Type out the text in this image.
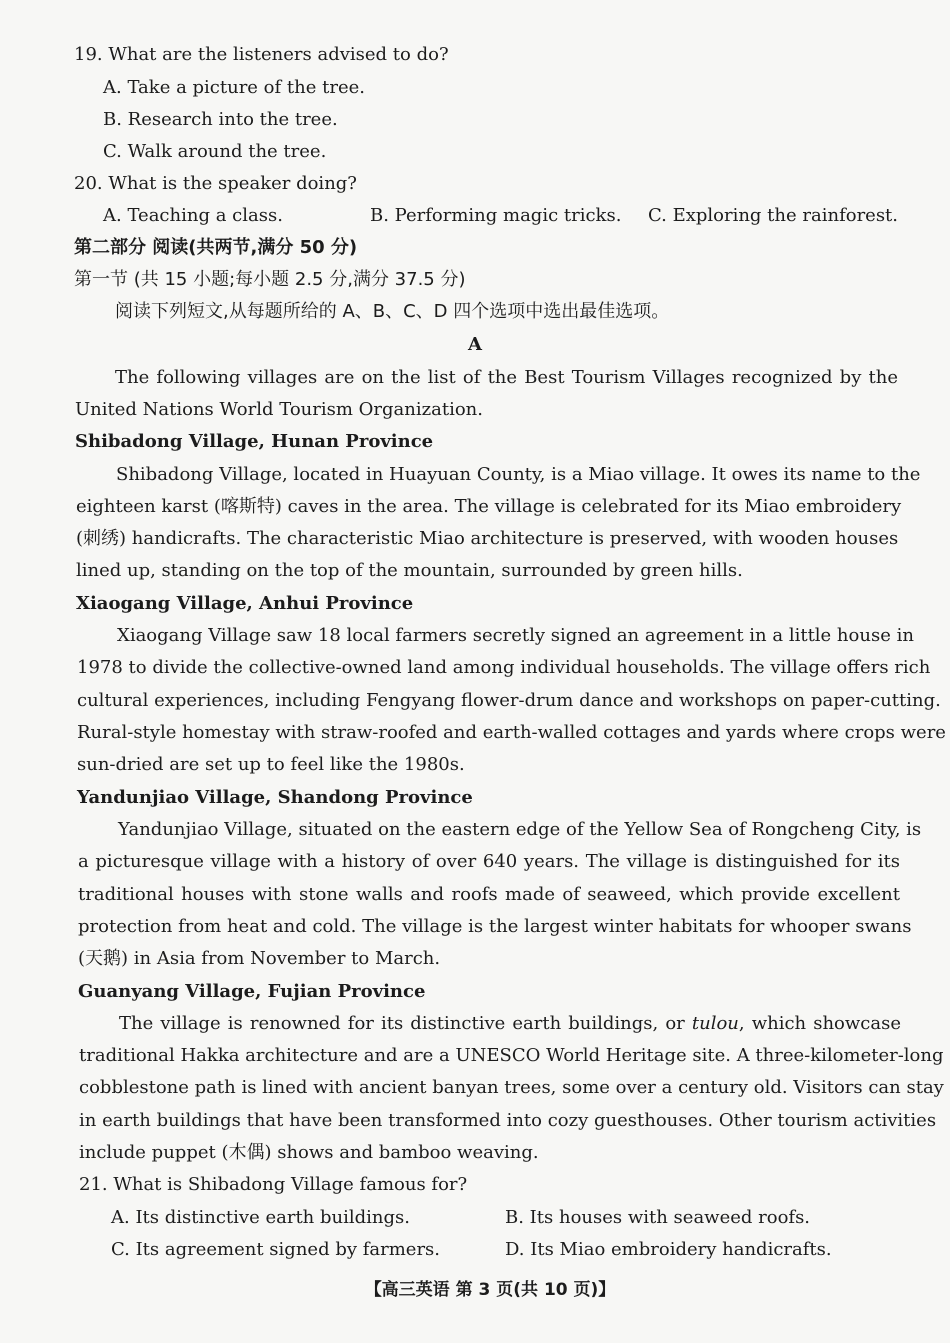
19. What are the listeners advised to do?

A. Take a picture of the tree.

B. Research into the tree.

C. Walk around the tree.

20. What is the speaker doing?

A. Teaching a class.	B. Performing magic tricks. C. Exploring the rainforest.

第二部分 阅读(共两节,满分 50 分)

第一节 (共 15 小题;每小题 2.5 分,满分 37.5 分)

阅读下列短文,从每题所给的 A、B、C、D 四个选项中选出最佳选项。

A

The following villages are on the list of the Best Tourism Villages recognized by the

United Nations World Tourism Organization.

Shibadong Village, Hunan Province

Shibadong Village, located in Huayuan County, is a Miao village. It owes its name to the

eighteen karst (喀斯特) caves in the area. The village is celebrated for its Miao embroidery

(刺绣) handicrafts. The characteristic Miao architecture is preserved, with wooden houses

lined up, standing on the top of the mountain, surrounded by green hills.

Xiaogang Village, Anhui Province

Xiaogang Village saw 18 local farmers secretly signed an agreement in a little house in

1978 to divide the collective-owned land among individual households. The village offers rich

cultural experiences, including Fengyang flower-drum dance and workshops on paper-cutting.

Rural-style homestay with straw-roofed and earth-walled cottages and yards where crops were

sun-dried are set up to feel like the 1980s.

Yandunjiao Village, Shandong Province

Yandunjiao Village, situated on the eastern edge of the Yellow Sea of Rongcheng City, is

a picturesque village with a history of over 640 years. The village is distinguished for its

traditional houses with stone walls and roofs made of seaweed, which provide excellent

protection from heat and cold. The village is the largest winter habitats for whooper swans

(天鹅) in Asia from November to March.

Guanyang Village, Fujian Province

The village is renowned for its distinctive earth buildings, or tulou, which showcase

traditional Hakka architecture and are a UNESCO World Heritage site. A three-kilometer-long

cobblestone path is lined with ancient banyan trees, some over a century old. Visitors can stay

in earth buildings that have been transformed into cozy guesthouses. Other tourism activities

include puppet (木偶) shows and bamboo weaving.

21. What is Shibadong Village famous for?

A. Its distinctive earth buildings.	B. Its houses with seaweed roofs.

C. Its agreement signed by farmers.	D. Its Miao embroidery handicrafts.

【高三英语 第 3 页(共 10 页)】
